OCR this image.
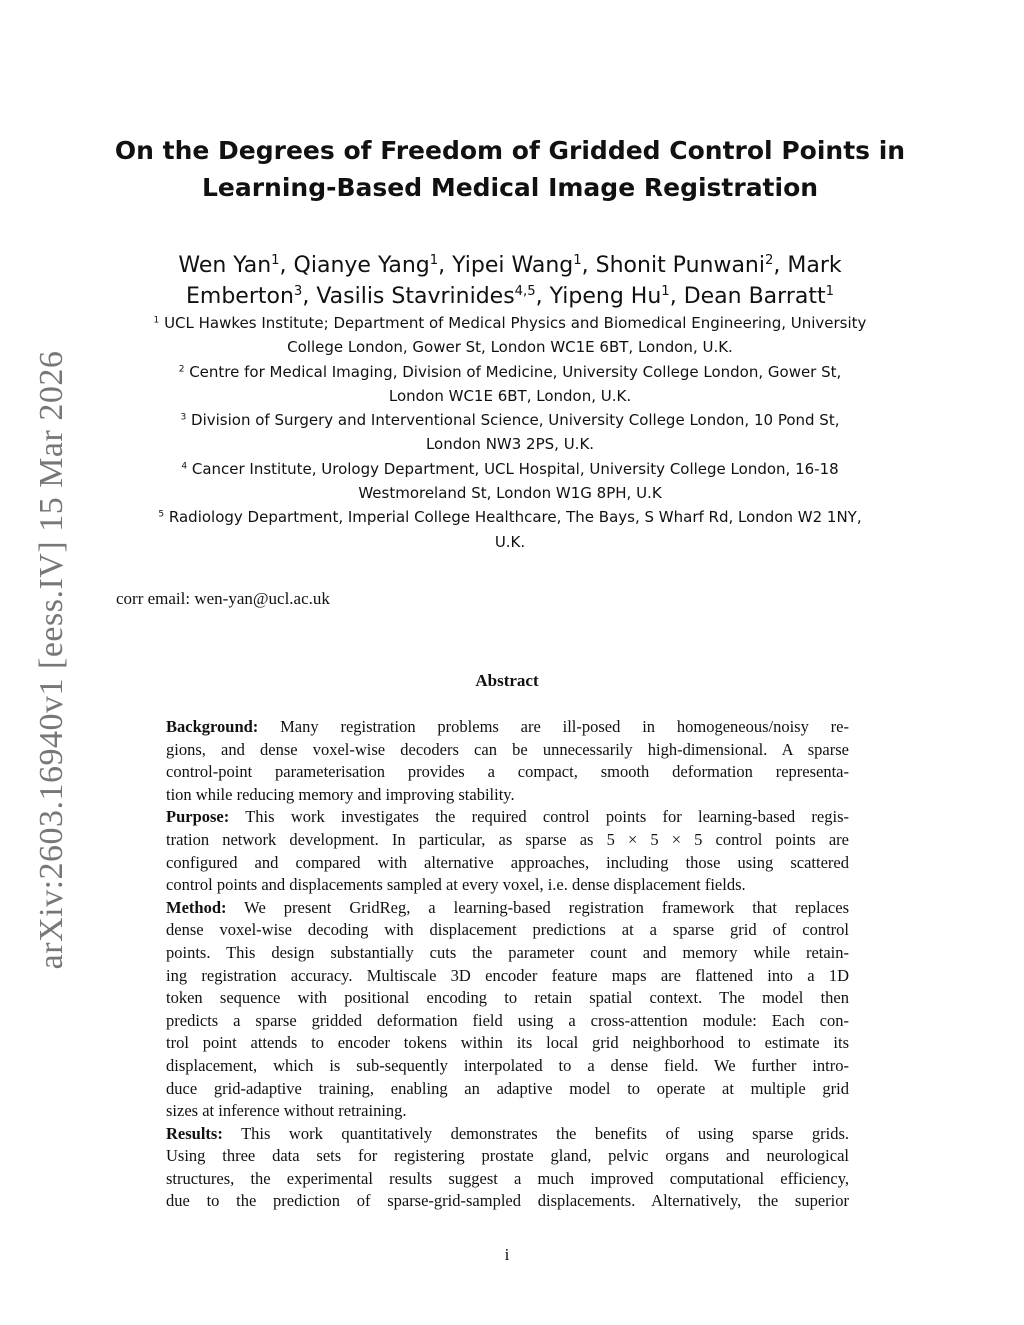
arXiv:2603.16940v1 [eess.IV] 15 Mar 2026
On the Degrees of Freedom of Gridded Control Points in
Learning-Based Medical Image Registration
Wen Yan$^1$, Qianye Yang$^1$, Yipei Wang$^1$, Shonit Punwani$^2$, Mark
Emberton$^3$, Vasilis Stavrinides$^{4,5}$, Yipeng Hu$^1$, Dean Barratt$^1$
$^1$ UCL Hawkes Institute; Department of Medical Physics and Biomedical Engineering, University
College London, Gower St, London WC1E 6BT, London, U.K.
$^2$ Centre for Medical Imaging, Division of Medicine, University College London, Gower St,
London WC1E 6BT, London, U.K.
$^3$ Division of Surgery and Interventional Science, University College London, 10 Pond St,
London NW3 2PS, U.K.
$^4$ Cancer Institute, Urology Department, UCL Hospital, University College London, 16-18
Westmoreland St, London W1G 8PH, U.K
$^5$ Radiology Department, Imperial College Healthcare, The Bays, S Wharf Rd, London W2 1NY,
U.K.
corr email: wen-yan@ucl.ac.uk
Abstract
Background: Many registration problems are ill-posed in homogeneous/noisy re-
gions, and dense voxel-wise decoders can be unnecessarily high-dimensional. A sparse
control-point parameterisation provides a compact, smooth deformation representa-
tion while reducing memory and improving stability.
Purpose: This work investigates the required control points for learning-based regis-
tration network development. In particular, as sparse as 5 × 5 × 5 control points are
configured and compared with alternative approaches, including those using scattered
control points and displacements sampled at every voxel, i.e. dense displacement fields.
Method: We present GridReg, a learning-based registration framework that replaces
dense voxel-wise decoding with displacement predictions at a sparse grid of control
points. This design substantially cuts the parameter count and memory while retain-
ing registration accuracy. Multiscale 3D encoder feature maps are flattened into a 1D
token sequence with positional encoding to retain spatial context. The model then
predicts a sparse gridded deformation field using a cross-attention module: Each con-
trol point attends to encoder tokens within its local grid neighborhood to estimate its
displacement, which is sub-sequently interpolated to a dense field. We further intro-
duce grid-adaptive training, enabling an adaptive model to operate at multiple grid
sizes at inference without retraining.
Results: This work quantitatively demonstrates the benefits of using sparse grids.
Using three data sets for registering prostate gland, pelvic organs and neurological
structures, the experimental results suggest a much improved computational efficiency,
due to the prediction of sparse-grid-sampled displacements. Alternatively, the superior
i
